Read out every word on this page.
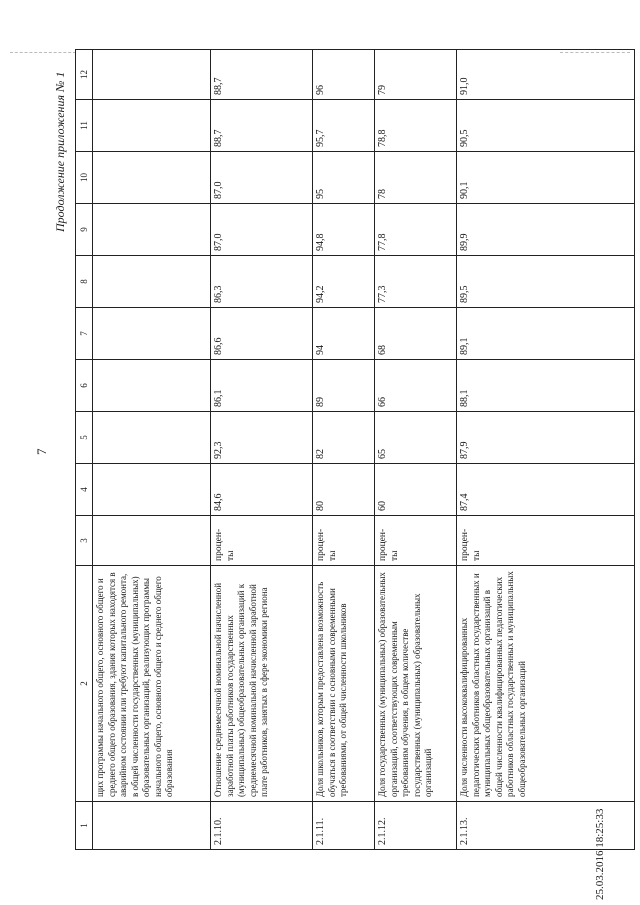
7
Продолжение приложения № 1
1	2	3	4	5	6	7	8	9	10	11	12
	щих программы начального общего, основного общего и среднего общего образования, здания которых находятся в аварийном состоянии или требуют капитального ремонта, в общей численности государственных (муниципальных) образовательных организаций, реализующих программы начального общего, основного общего и среднего общего образования										
2.1.10.	Отношение среднемесячной номинальной начисленной заработной платы работников государственных (муниципальных) общеобразовательных организаций к среднемесячной номинальной начисленной заработной плате работников, занятых в сфере экономики региона	процен-ты	84,6	92,3	86,1	86,6	86,3	87,0	87,0	88,7	88,7
2.1.11.	Доля школьников, которым предоставлена возможность обучаться в соответствии с основными современными требованиями, от общей численности школьников	процен-ты	80	82	89	94	94,2	94,8	95	95,7	96
2.1.12.	Доля государственных (муниципальных) образовательных организаций, соответствующих современным требованиям обучения, в общем количестве государственных (муниципальных) образовательных организаций	процен-ты	60	65	66	68	77,3	77,8	78	78,8	79
2.1.13.	Доля численности высококвалифицированных педагогических работников областных государственных и муниципальных общеобразовательных организаций в общей численности квалифицированных педагогических работников областных государственных и муниципальных общеобразовательных организаций	процен-ты	87,4	87,9	88,1	89,1	89,5	89,9	90,1	90,5	91,0
25.03.2016 18:25:33
